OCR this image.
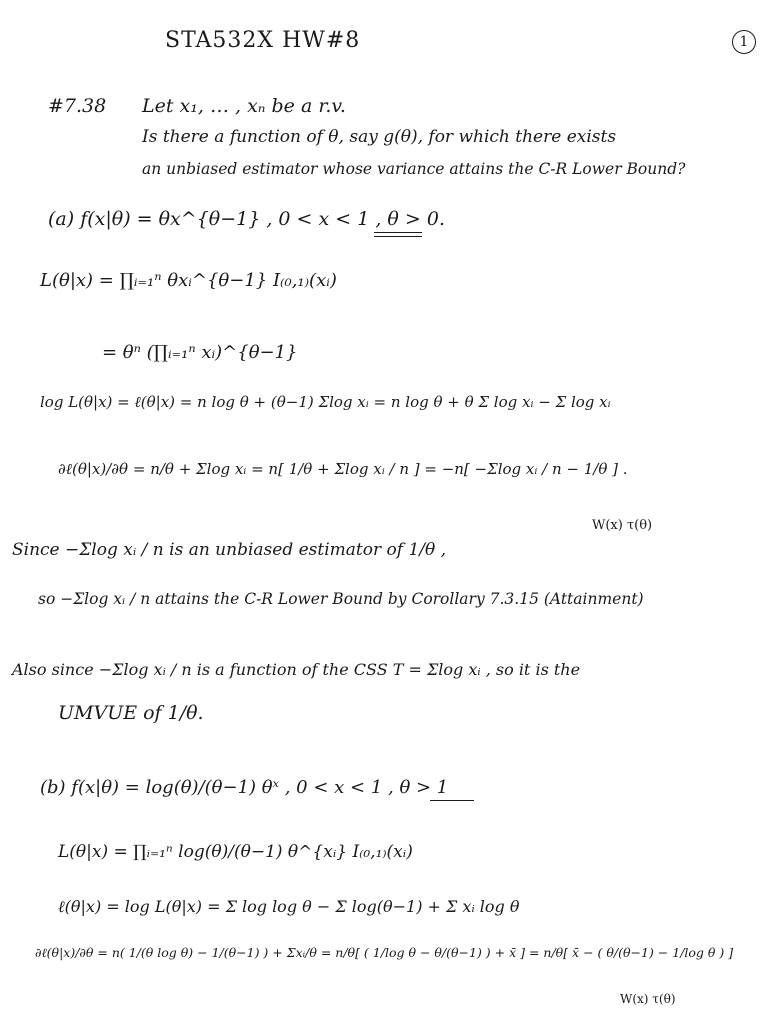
STA532X HW#8	1
#7.38 Let x₁, … , xₙ be a r.v.
Is there a function of θ, say g(θ), for which there exists
an unbiased estimator whose variance attains the C-R Lower Bound?
(a) f(x|θ) = θx^{θ−1} , 0 < x < 1 , θ > 0.
L(θ|x) = ∏ᵢ₌₁ⁿ θxᵢ^{θ−1} I₍₀,₁₎(xᵢ)
= θⁿ (∏ᵢ₌₁ⁿ xᵢ)^{θ−1}
log L(θ|x) = ℓ(θ|x) = n log θ + (θ−1) Σlog xᵢ = n log θ + θ Σ log xᵢ − Σ log xᵢ
∂ℓ(θ|x)/∂θ = n/θ + Σlog xᵢ = n[ 1/θ + Σlog xᵢ / n ] = −n[ −Σlog xᵢ / n − 1/θ ] .
W(x) τ(θ)
Since −Σlog xᵢ / n is an unbiased estimator of 1/θ ,
so −Σlog xᵢ / n attains the C-R Lower Bound by Corollary 7.3.15 (Attainment)
Also since −Σlog xᵢ / n is a function of the CSS T = Σlog xᵢ , so it is the
UMVUE of 1/θ.
(b) f(x|θ) = log(θ)/(θ−1) θˣ , 0 < x < 1 , θ > 1
L(θ|x) = ∏ᵢ₌₁ⁿ log(θ)/(θ−1) θ^{xᵢ} I₍₀,₁₎(xᵢ)
ℓ(θ|x) = log L(θ|x) = Σ log log θ − Σ log(θ−1) + Σ xᵢ log θ
∂ℓ(θ|x)/∂θ = n( 1/(θ log θ) − 1/(θ−1) ) + Σxᵢ/θ = n/θ[ ( 1/log θ − θ/(θ−1) ) + x̄ ] = n/θ[ x̄ − ( θ/(θ−1) − 1/log θ ) ]
W(x) τ(θ)
